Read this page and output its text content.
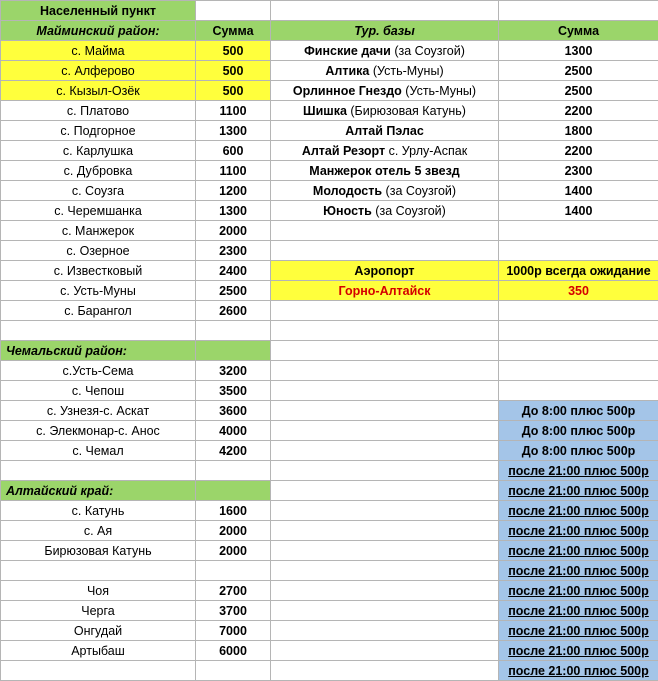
Населенный пункт			
Майминский район:	Сумма	Тур. базы	Сумма
с. Майма	500	Финские дачи (за Соузгой)	1300
с. Алферово	500	Алтика (Усть-Муны)	2500
с. Кызыл-Озёк	500	Орлинное Гнездо (Усть-Муны)	2500
с. Платово	1100	Шишка (Бирюзовая Катунь)	2200
с. Подгорное	1300	Алтай Пэлас	1800
с. Карлушка	600	Алтай Резорт с. Урлу-Аспак	2200
с. Дубровка	1100	Манжерок отель 5 звезд	2300
с. Соузга	1200	Молодость (за Соузгой)	1400
с. Черемшанка	1300	Юность (за Соузгой)	1400
с. Манжерок	2000		
с. Озерное	2300		
с. Известковый	2400	Аэропорт	1000р всегда ожидание
с. Усть-Муны	2500	Горно-Алтайск	350
с. Барангол	2600		

Чемальский район:			
с.Усть-Сема	3200		
с. Чепош	3500		
с. Узнезя-с. Аскат	3600		До 8:00 плюс 500р
с. Элекмонар-с. Анос	4000		До 8:00 плюс 500р
с. Чемал	4200		До 8:00 плюс 500р
			после 21:00 плюс 500р
Алтайский край:			после 21:00 плюс 500р
с. Катунь	1600		после 21:00 плюс 500р
с. Ая	2000		после 21:00 плюс 500р
Бирюзовая Катунь	2000		после 21:00 плюс 500р
			после 21:00 плюс 500р
Чоя	2700		после 21:00 плюс 500р
Черга	3700		после 21:00 плюс 500р
Онгудай	7000		после 21:00 плюс 500р
Артыбаш	6000		после 21:00 плюс 500р
			после 21:00 плюс 500р
